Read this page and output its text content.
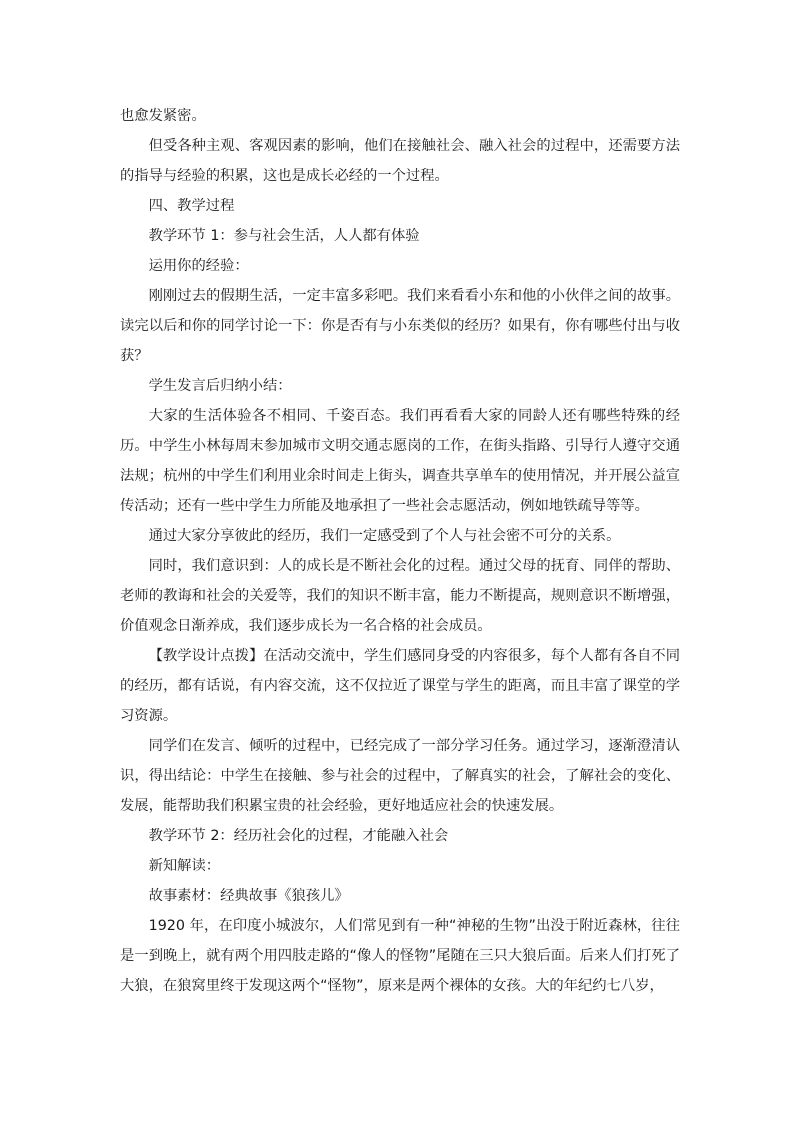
也愈发紧密。

但受各种主观、客观因素的影响，他们在接触社会、融入社会的过程中，还需要方法的指导与经验的积累，这也是成长必经的一个过程。

四、教学过程

教学环节 1：参与社会生活，人人都有体验

运用你的经验：

刚刚过去的假期生活，一定丰富多彩吧。我们来看看小东和他的小伙伴之间的故事。读完以后和你的同学讨论一下：你是否有与小东类似的经历？如果有，你有哪些付出与收获？

学生发言后归纳小结：

大家的生活体验各不相同、千姿百态。我们再看看大家的同龄人还有哪些特殊的经历。中学生小林每周末参加城市文明交通志愿岗的工作，在街头指路、引导行人遵守交通法规；杭州的中学生们利用业余时间走上街头，调查共享单车的使用情况，并开展公益宣传活动；还有一些中学生力所能及地承担了一些社会志愿活动，例如地铁疏导等等。

通过大家分享彼此的经历，我们一定感受到了个人与社会密不可分的关系。

同时，我们意识到：人的成长是不断社会化的过程。通过父母的抚育、同伴的帮助、老师的教诲和社会的关爱等，我们的知识不断丰富，能力不断提高，规则意识不断增强，价值观念日渐养成，我们逐步成长为一名合格的社会成员。

【教学设计点拨】在活动交流中，学生们感同身受的内容很多，每个人都有各自不同的经历，都有话说，有内容交流，这不仅拉近了课堂与学生的距离，而且丰富了课堂的学习资源。

同学们在发言、倾听的过程中，已经完成了一部分学习任务。通过学习，逐渐澄清认识，得出结论：中学生在接触、参与社会的过程中，了解真实的社会，了解社会的变化、发展，能帮助我们积累宝贵的社会经验，更好地适应社会的快速发展。

教学环节 2：经历社会化的过程，才能融入社会

新知解读：

故事素材：经典故事《狼孩儿》

1920 年，在印度小城波尔，人们常见到有一种“神秘的生物”出没于附近森林，往往是一到晚上，就有两个用四肢走路的“像人的怪物”尾随在三只大狼后面。后来人们打死了大狼，在狼窝里终于发现这两个“怪物”，原来是两个裸体的女孩。大的年纪约七八岁，
